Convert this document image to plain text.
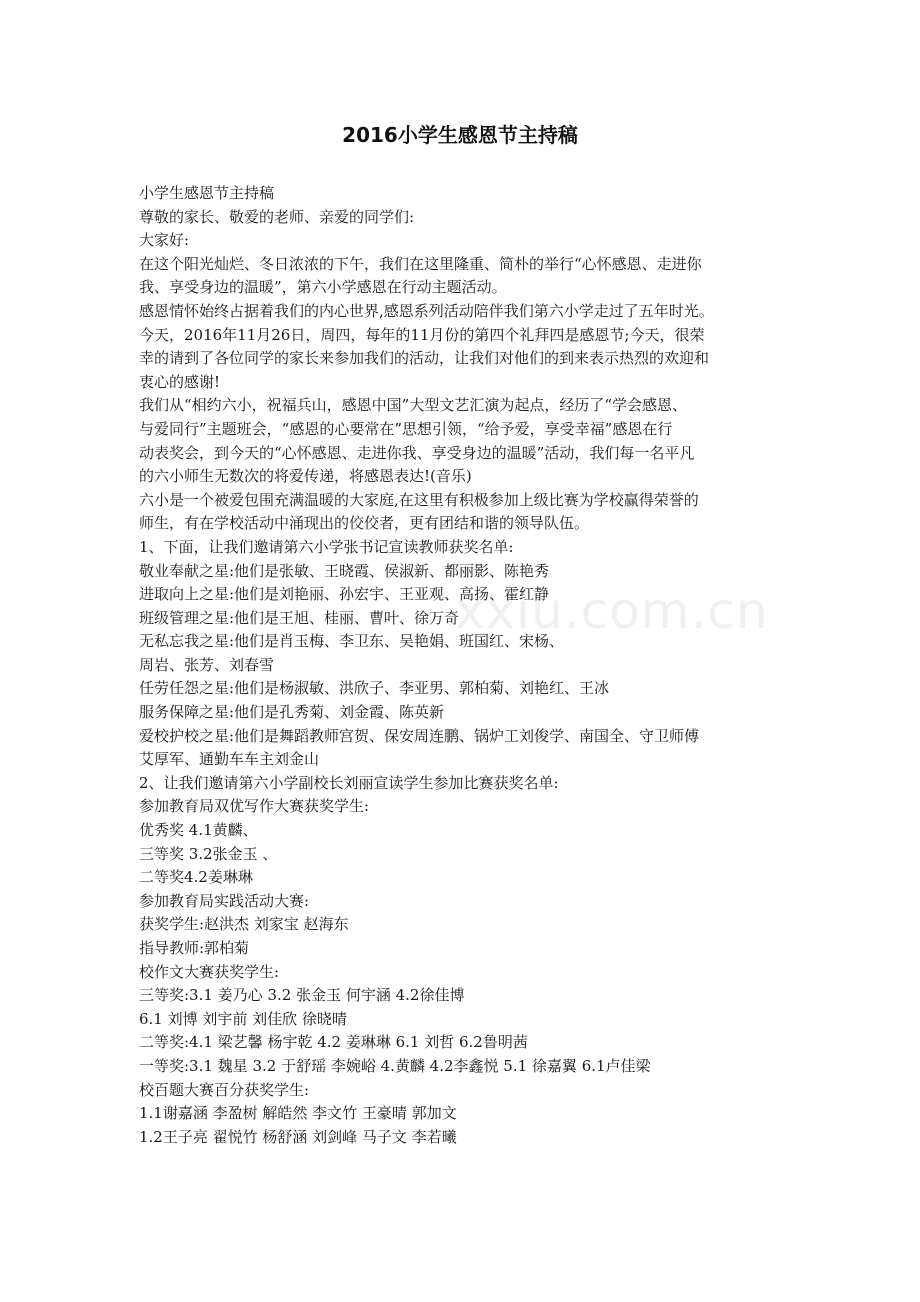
2016小学生感恩节主持稿
小学生感恩节主持稿
尊敬的家长、敬爱的老师、亲爱的同学们:
大家好:
在这个阳光灿烂、冬日浓浓的下午，我们在这里隆重、简朴的举行“心怀感恩、走进你
我、享受身边的温暖”，第六小学感恩在行动主题活动。
感恩情怀始终占据着我们的内心世界,感恩系列活动陪伴我们第六小学走过了五年时光。
今天，2016年11月26日，周四，每年的11月份的第四个礼拜四是感恩节;今天，很荣
幸的请到了各位同学的家长来参加我们的活动，让我们对他们的到来表示热烈的欢迎和
衷心的感谢!
我们从“相约六小，祝福兵山，感恩中国”大型文艺汇演为起点，经历了“学会感恩、
与爱同行”主题班会，“感恩的心要常在”思想引领，“给予爱，享受幸福”感恩在行
动表奖会，到今天的“心怀感恩、走进你我、享受身边的温暖”活动，我们每一名平凡
的六小师生无数次的将爱传递，将感恩表达!(音乐)
六小是一个被爱包围充满温暖的大家庭,在这里有积极参加上级比赛为学校赢得荣誉的
师生，有在学校活动中涌现出的佼佼者，更有团结和谐的领导队伍。
1、下面，让我们邀请第六小学张书记宣读教师获奖名单:
敬业奉献之星:他们是张敏、王晓霞、侯淑新、都丽影、陈艳秀
进取向上之星:他们是刘艳丽、孙宏宇、王亚观、高扬、霍红静
班级管理之星:他们是王旭、桂丽、曹叶、徐万奇
无私忘我之星:他们是肖玉梅、李卫东、吴艳娟、班国红、宋杨、
周岩、张芳、刘春雪
任劳任怨之星:他们是杨淑敏、洪欣子、李亚男、郭柏菊、刘艳红、王冰
服务保障之星:他们是孔秀菊、刘金霞、陈英新
爱校护校之星:他们是舞蹈教师宫贺、保安周连鹏、锅炉工刘俊学、南国全、守卫师傅
艾厚军、通勤车车主刘金山
2、让我们邀请第六小学副校长刘丽宣读学生参加比赛获奖名单:
参加教育局双优写作大赛获奖学生:
优秀奖 4.1黄麟、
三等奖 3.2张金玉 、
二等奖4.2姜琳琳
参加教育局实践活动大赛:
获奖学生:赵洪杰 刘家宝 赵海东
指导教师:郭柏菊
校作文大赛获奖学生:
三等奖:3.1 姜乃心 3.2 张金玉 何宇涵 4.2徐佳博
6.1 刘博 刘宇前 刘佳欣 徐晓晴
二等奖:4.1 梁艺馨 杨宇乾 4.2 姜琳琳 6.1 刘哲 6.2鲁明茜
一等奖:3.1 魏星 3.2 于舒瑶 李婉峪 4.黄麟 4.2李鑫悦 5.1 徐嘉翼 6.1卢佳梁
校百题大赛百分获奖学生:
1.1谢嘉涵 李盈树 解皓然 李文竹 王豪晴 郭加文
1.2王子亮 翟悦竹 杨舒涵 刘剑峰 马子文 李若曦
xxiu.com.cn
